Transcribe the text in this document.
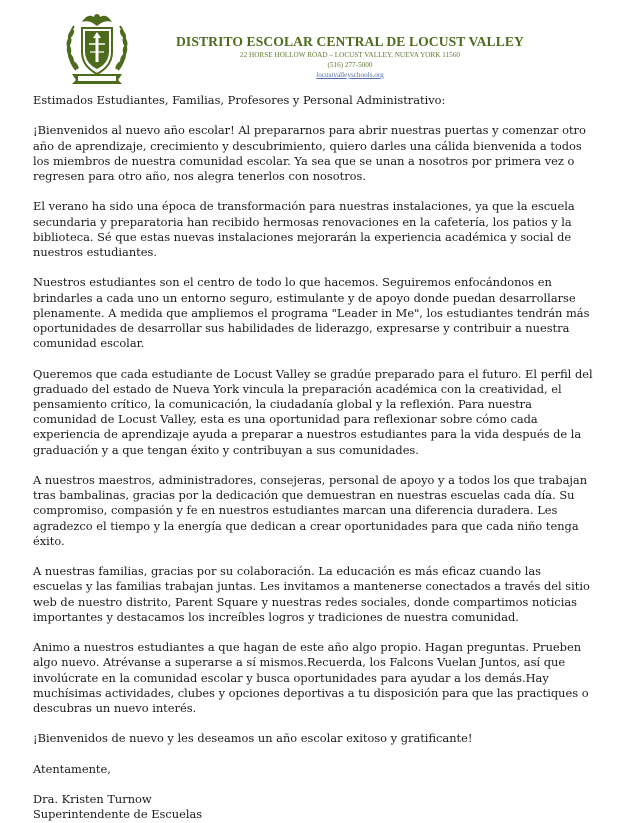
DISTRITO ESCOLAR CENTRAL DE LOCUST VALLEY
22 HORSE HOLLOW ROAD – LOCUST VALLEY, NUEVA YORK 11560
(516) 277-5000
locustvalleyschools.org

Estimados Estudiantes, Familias, Profesores y Personal Administrativo:

¡Bienvenidos al nuevo año escolar! Al prepararnos para abrir nuestras puertas y comenzar otro año de aprendizaje, crecimiento y descubrimiento, quiero darles una cálida bienvenida a todos los miembros de nuestra comunidad escolar. Ya sea que se unan a nosotros por primera vez o regresen para otro año, nos alegra tenerlos con nosotros.

El verano ha sido una época de transformación para nuestras instalaciones, ya que la escuela secundaria y preparatoria han recibido hermosas renovaciones en la cafetería, los patios y la biblioteca. Sé que estas nuevas instalaciones mejorarán la experiencia académica y social de nuestros estudiantes.

Nuestros estudiantes son el centro de todo lo que hacemos. Seguiremos enfocándonos en brindarles a cada uno un entorno seguro, estimulante y de apoyo donde puedan desarrollarse plenamente. A medida que ampliemos el programa "Leader in Me", los estudiantes tendrán más oportunidades de desarrollar sus habilidades de liderazgo, expresarse y contribuir a nuestra comunidad escolar.

Queremos que cada estudiante de Locust Valley se gradúe preparado para el futuro. El perfil del graduado del estado de Nueva York vincula la preparación académica con la creatividad, el pensamiento crítico, la comunicación, la ciudadanía global y la reflexión. Para nuestra comunidad de Locust Valley, esta es una oportunidad para reflexionar sobre cómo cada experiencia de aprendizaje ayuda a preparar a nuestros estudiantes para la vida después de la graduación y a que tengan éxito y contribuyan a sus comunidades.

A nuestros maestros, administradores, consejeras, personal de apoyo y a todos los que trabajan tras bambalinas, gracias por la dedicación que demuestran en nuestras escuelas cada día. Su compromiso, compasión y fe en nuestros estudiantes marcan una diferencia duradera. Les agradezco el tiempo y la energía que dedican a crear oportunidades para que cada niño tenga éxito.

A nuestras familias, gracias por su colaboración. La educación es más eficaz cuando las escuelas y las familias trabajan juntas. Les invitamos a mantenerse conectados a través del sitio web de nuestro distrito, Parent Square y nuestras redes sociales, donde compartimos noticias importantes y destacamos los increíbles logros y tradiciones de nuestra comunidad.

Animo a nuestros estudiantes a que hagan de este año algo propio. Hagan preguntas. Prueben algo nuevo. Atrévanse a superarse a sí mismos.Recuerda, los Falcons Vuelan Juntos, así que involúcrate en la comunidad escolar y busca oportunidades para ayudar a los demás.Hay muchísimas actividades, clubes y opciones deportivas a tu disposición para que las practiques o descubras un nuevo interés.

¡Bienvenidos de nuevo y les deseamos un año escolar exitoso y gratificante!

Atentamente,

Dra. Kristen Turnow

Superintendente de Escuelas
